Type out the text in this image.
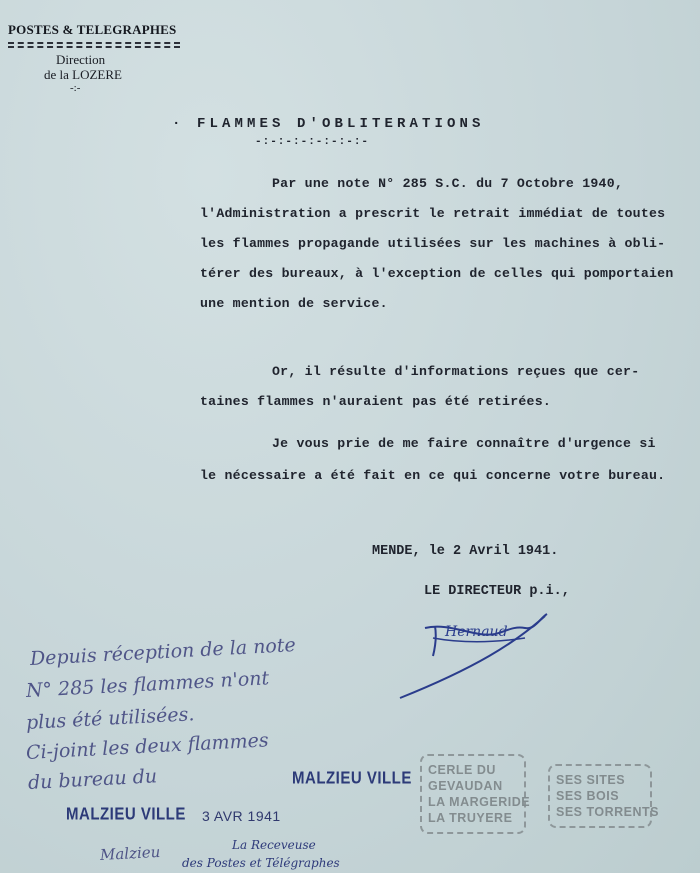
POSTES & TELEGRAPHES
Direction
de la LOZERE
-:-
· FLAMMES D'OBLITERATIONS
-:-:-:-:-:-:-:-
Par une note N° 285 S.C. du 7 Octobre 1940,
l'Administration a prescrit le retrait immédiat de toutes
les flammes propagande utilisées sur les machines à obli-
térer des bureaux, à l'exception de celles qui pomportaien
une mention de service.
Or, il résulte d'informations reçues que cer-
taines flammes n'auraient pas été retirées.
Je vous prie de me faire connaître d'urgence si
le nécessaire a été fait en ce qui concerne votre bureau.
MENDE, le 2 Avril 1941.
LE DIRECTEUR p.i.,
Hernaud
Depuis réception de la note
N° 285 les flammes n'ont
plus été utilisées.
Ci-joint les deux flammes
du bureau du	MALZIEU VILLE
MALZIEU VILLE 3 AVR 1941
La Receveuse
des Postes et Télégraphes
Malzieu
CERLE DU
GEVAUDAN
LA MARGERIDE
LA TRUYERE
SES SITES
SES BOIS
SES TORRENTS
